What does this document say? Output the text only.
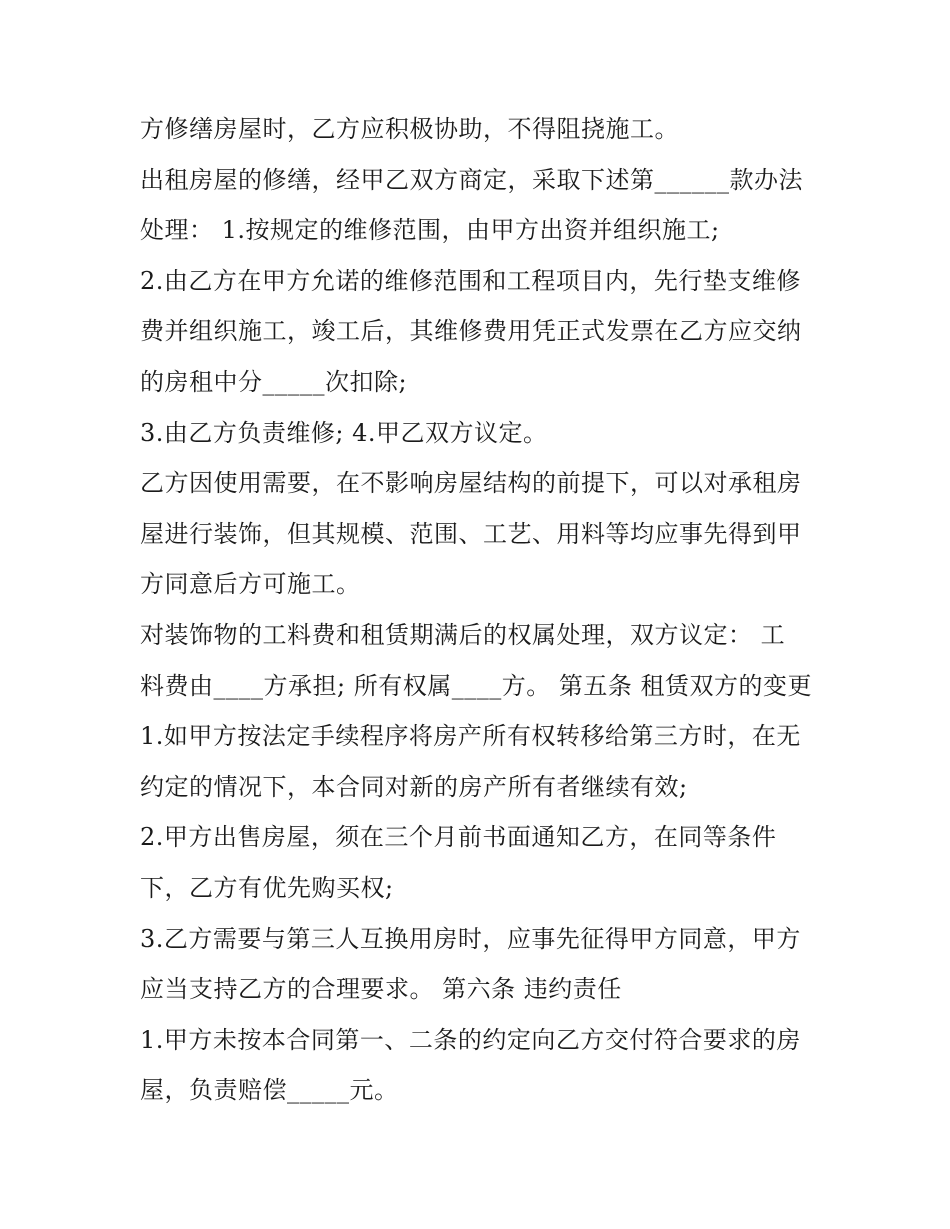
方修缮房屋时，乙方应积极协助，不得阻挠施工。
出租房屋的修缮，经甲乙双方商定，采取下述第______款办法
处理： 1.按规定的维修范围，由甲方出资并组织施工;
2.由乙方在甲方允诺的维修范围和工程项目内，先行垫支维修
费并组织施工，竣工后，其维修费用凭正式发票在乙方应交纳
的房租中分_____次扣除;
3.由乙方负责维修; 4.甲乙双方议定。
乙方因使用需要，在不影响房屋结构的前提下，可以对承租房
屋进行装饰，但其规模、范围、工艺、用料等均应事先得到甲
方同意后方可施工。
对装饰物的工料费和租赁期满后的权属处理，双方议定： 工
料费由____方承担; 所有权属____方。 第五条 租赁双方的变更
1.如甲方按法定手续程序将房产所有权转移给第三方时，在无
约定的情况下，本合同对新的房产所有者继续有效;
2.甲方出售房屋，须在三个月前书面通知乙方，在同等条件
下，乙方有优先购买权;
3.乙方需要与第三人互换用房时，应事先征得甲方同意，甲方
应当支持乙方的合理要求。 第六条 违约责任
1.甲方未按本合同第一、二条的约定向乙方交付符合要求的房
屋，负责赔偿_____元。
